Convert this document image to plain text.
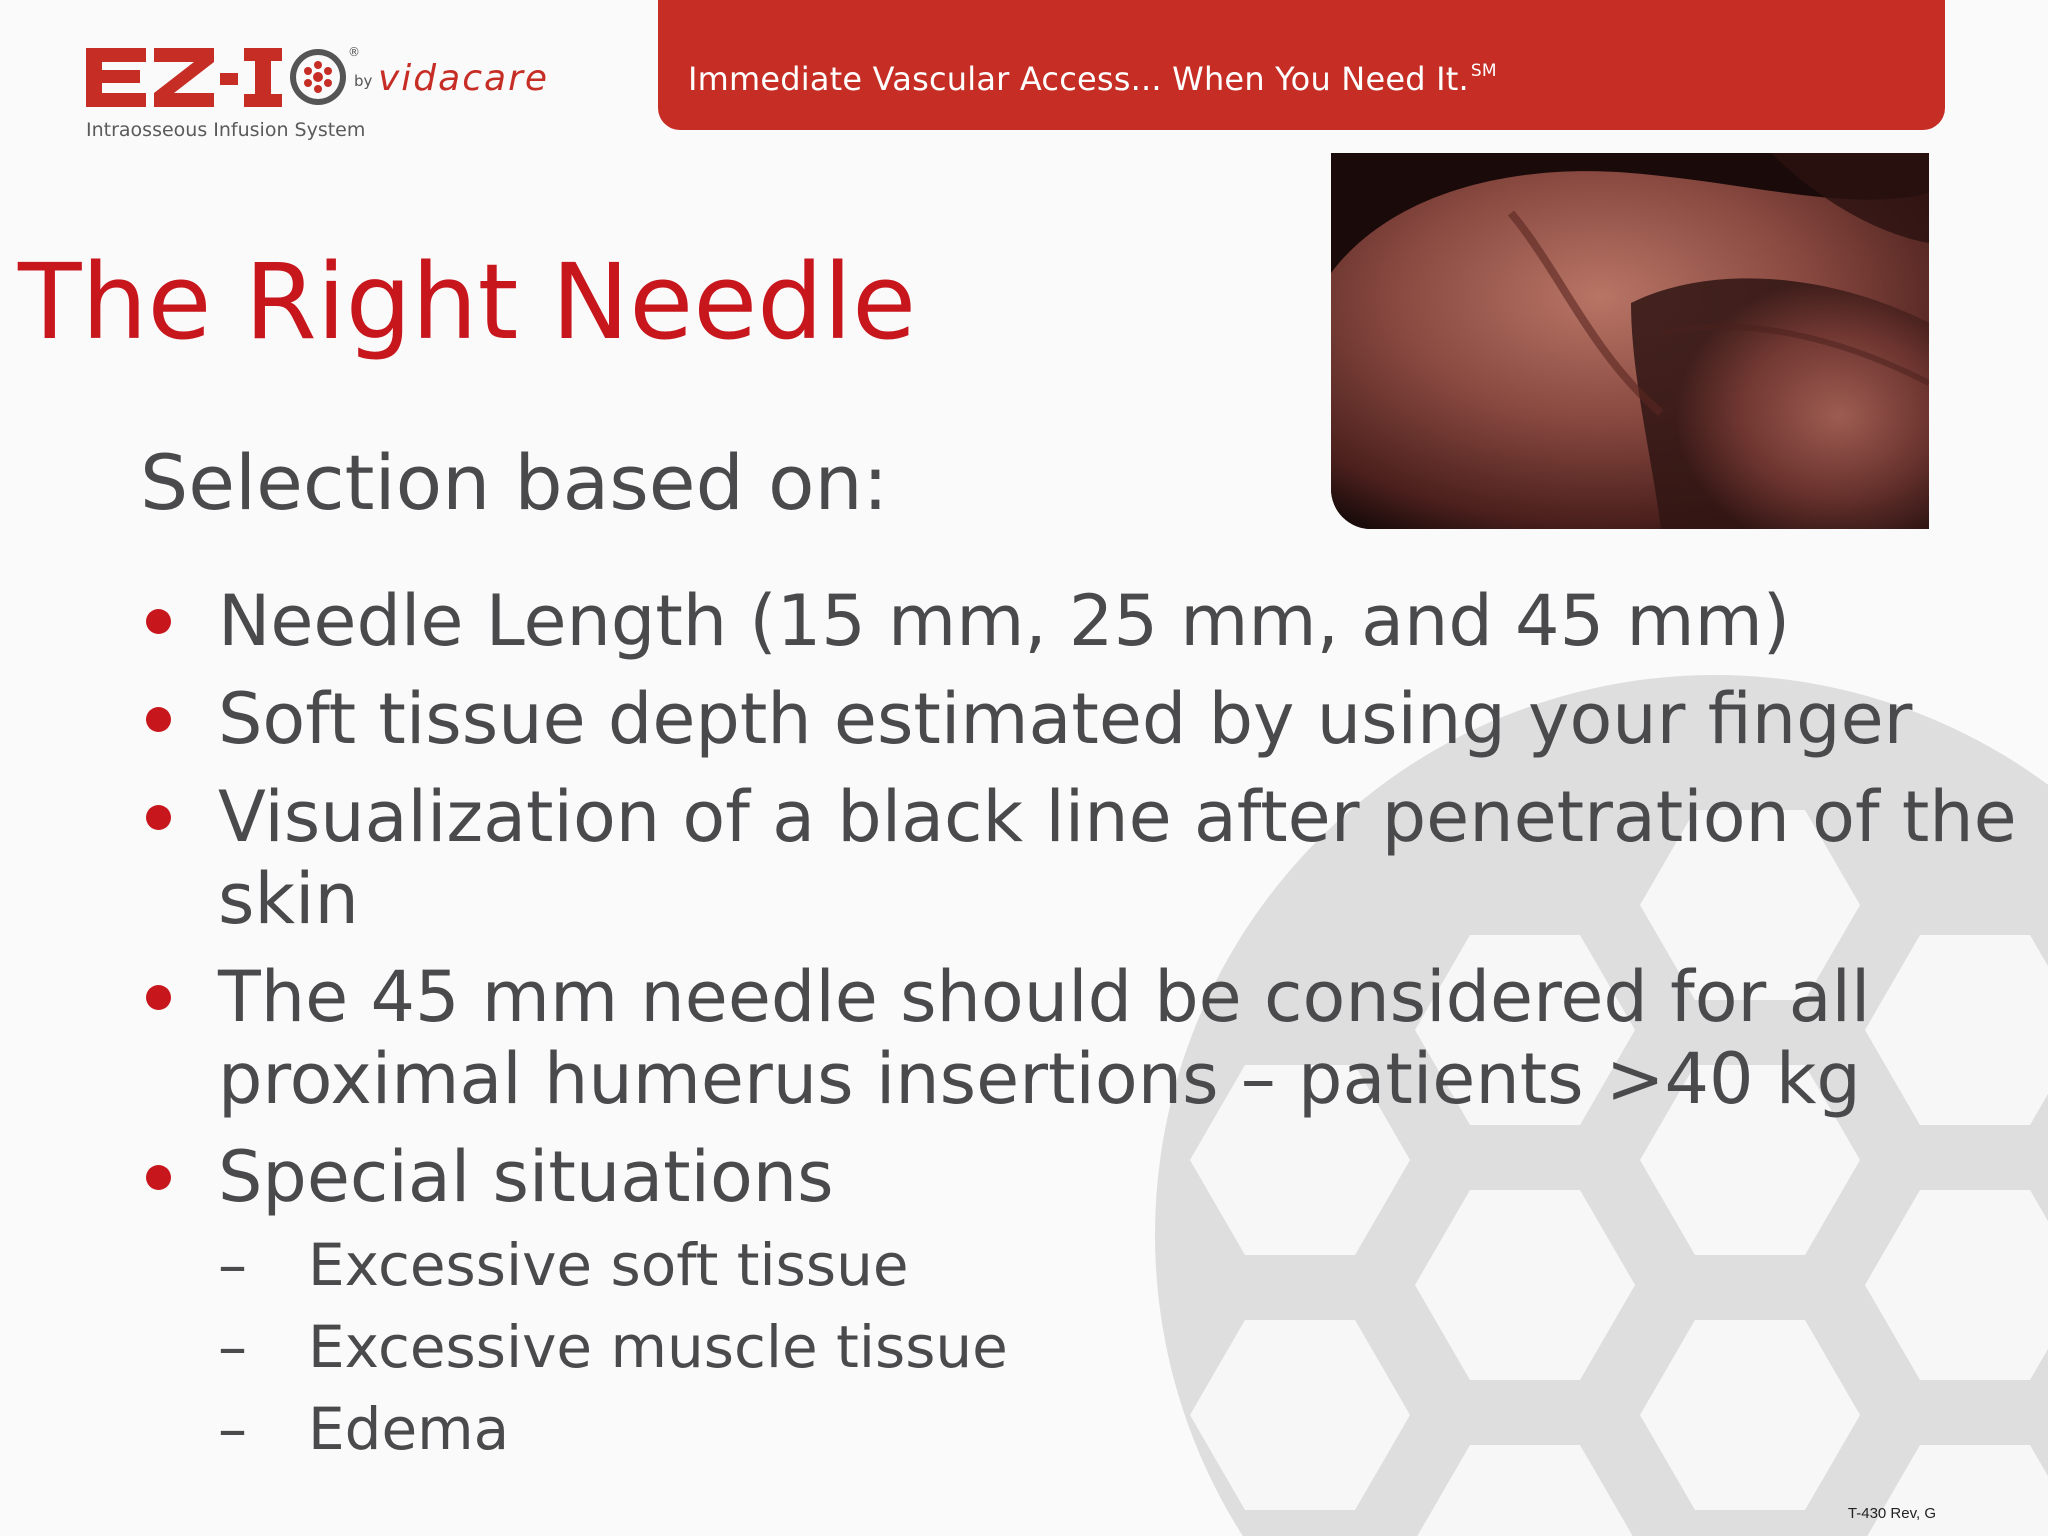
®
by vidacare
Intraosseous Infusion System
Immediate Vascular Access... When You Need It. ℠
The Right Needle
Selection based on:
Needle Length (15 mm, 25 mm, and 45 mm)
Soft tissue depth estimated by using your finger
Visualization of a black line after penetration of the skin
The 45 mm needle should be considered for all proximal humerus insertions – patients >40 kg
Special situations
– Excessive soft tissue
– Excessive muscle tissue
– Edema
T-430 Rev, G
